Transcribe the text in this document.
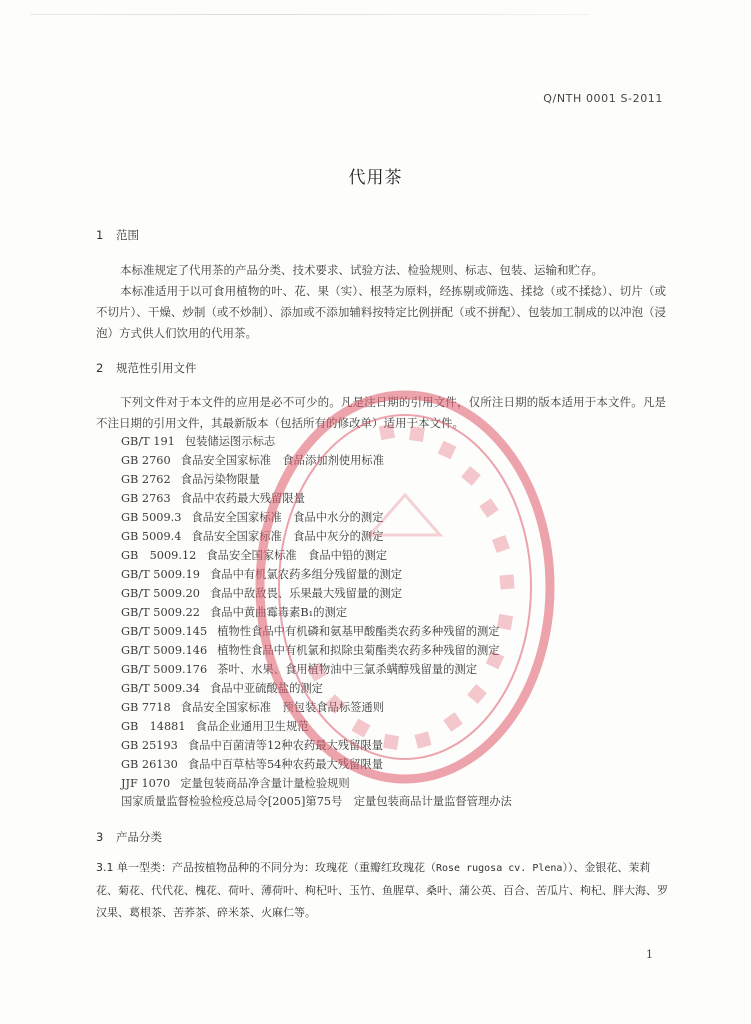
Q/NTH 0001 S-2011
代用茶
1 范围
本标准规定了代用茶的产品分类、技术要求、试验方法、检验规则、标志、包装、运输和贮存。
本标准适用于以可食用植物的叶、花、果（实）、根茎为原料，经拣剔或筛选、揉捻（或不揉捻）、切片（或不切片）、干燥、炒制（或不炒制）、添加或不添加辅料按特定比例拼配（或不拼配）、包装加工制成的以冲泡（浸泡）方式供人们饮用的代用茶。
2 规范性引用文件
下列文件对于本文件的应用是必不可少的。凡是注日期的引用文件，仅所注日期的版本适用于本文件。凡是不注日期的引用文件，其最新版本（包括所有的修改单）适用于本文件。
GB/T 191 包装储运图示标志
GB 2760 食品安全国家标准　食品添加剂使用标准
GB 2762 食品污染物限量
GB 2763 食品中农药最大残留限量
GB 5009.3 食品安全国家标准　食品中水分的测定
GB 5009.4 食品安全国家标准　食品中灰分的测定
GB　5009.12 食品安全国家标准　食品中铅的测定
GB/T 5009.19 食品中有机氯农药多组分残留量的测定
GB/T 5009.20 食品中敌敌畏、乐果最大残留量的测定
GB/T 5009.22 食品中黄曲霉毒素B₁的测定
GB/T 5009.145 植物性食品中有机磷和氨基甲酸酯类农药多种残留的测定
GB/T 5009.146 植物性食品中有机氯和拟除虫菊酯类农药多种残留的测定
GB/T 5009.176 茶叶、水果、食用植物油中三氯杀螨醇残留量的测定
GB/T 5009.34 食品中亚硫酸盐的测定
GB 7718 食品安全国家标准　预包装食品标签通则
GB　14881 食品企业通用卫生规范
GB 25193 食品中百菌清等12种农药最大残留限量
GB 26130 食品中百草枯等54种农药最大残留限量
JJF 1070 定量包装商品净含量计量检验规则
国家质量监督检验检疫总局令[2005]第75号　定量包装商品计量监督管理办法
3 产品分类
3.1 单一型类：产品按植物品种的不同分为：玫瑰花（重瓣红玫瑰花（Rose rugosa cv. Plena））、金银花、茉莉花、菊花、代代花、槐花、荷叶、薄荷叶、枸杞叶、玉竹、鱼腥草、桑叶、蒲公英、百合、苦瓜片、枸杞、胖大海、罗汉果、葛根茶、苦荞茶、碎米茶、火麻仁等。
1
